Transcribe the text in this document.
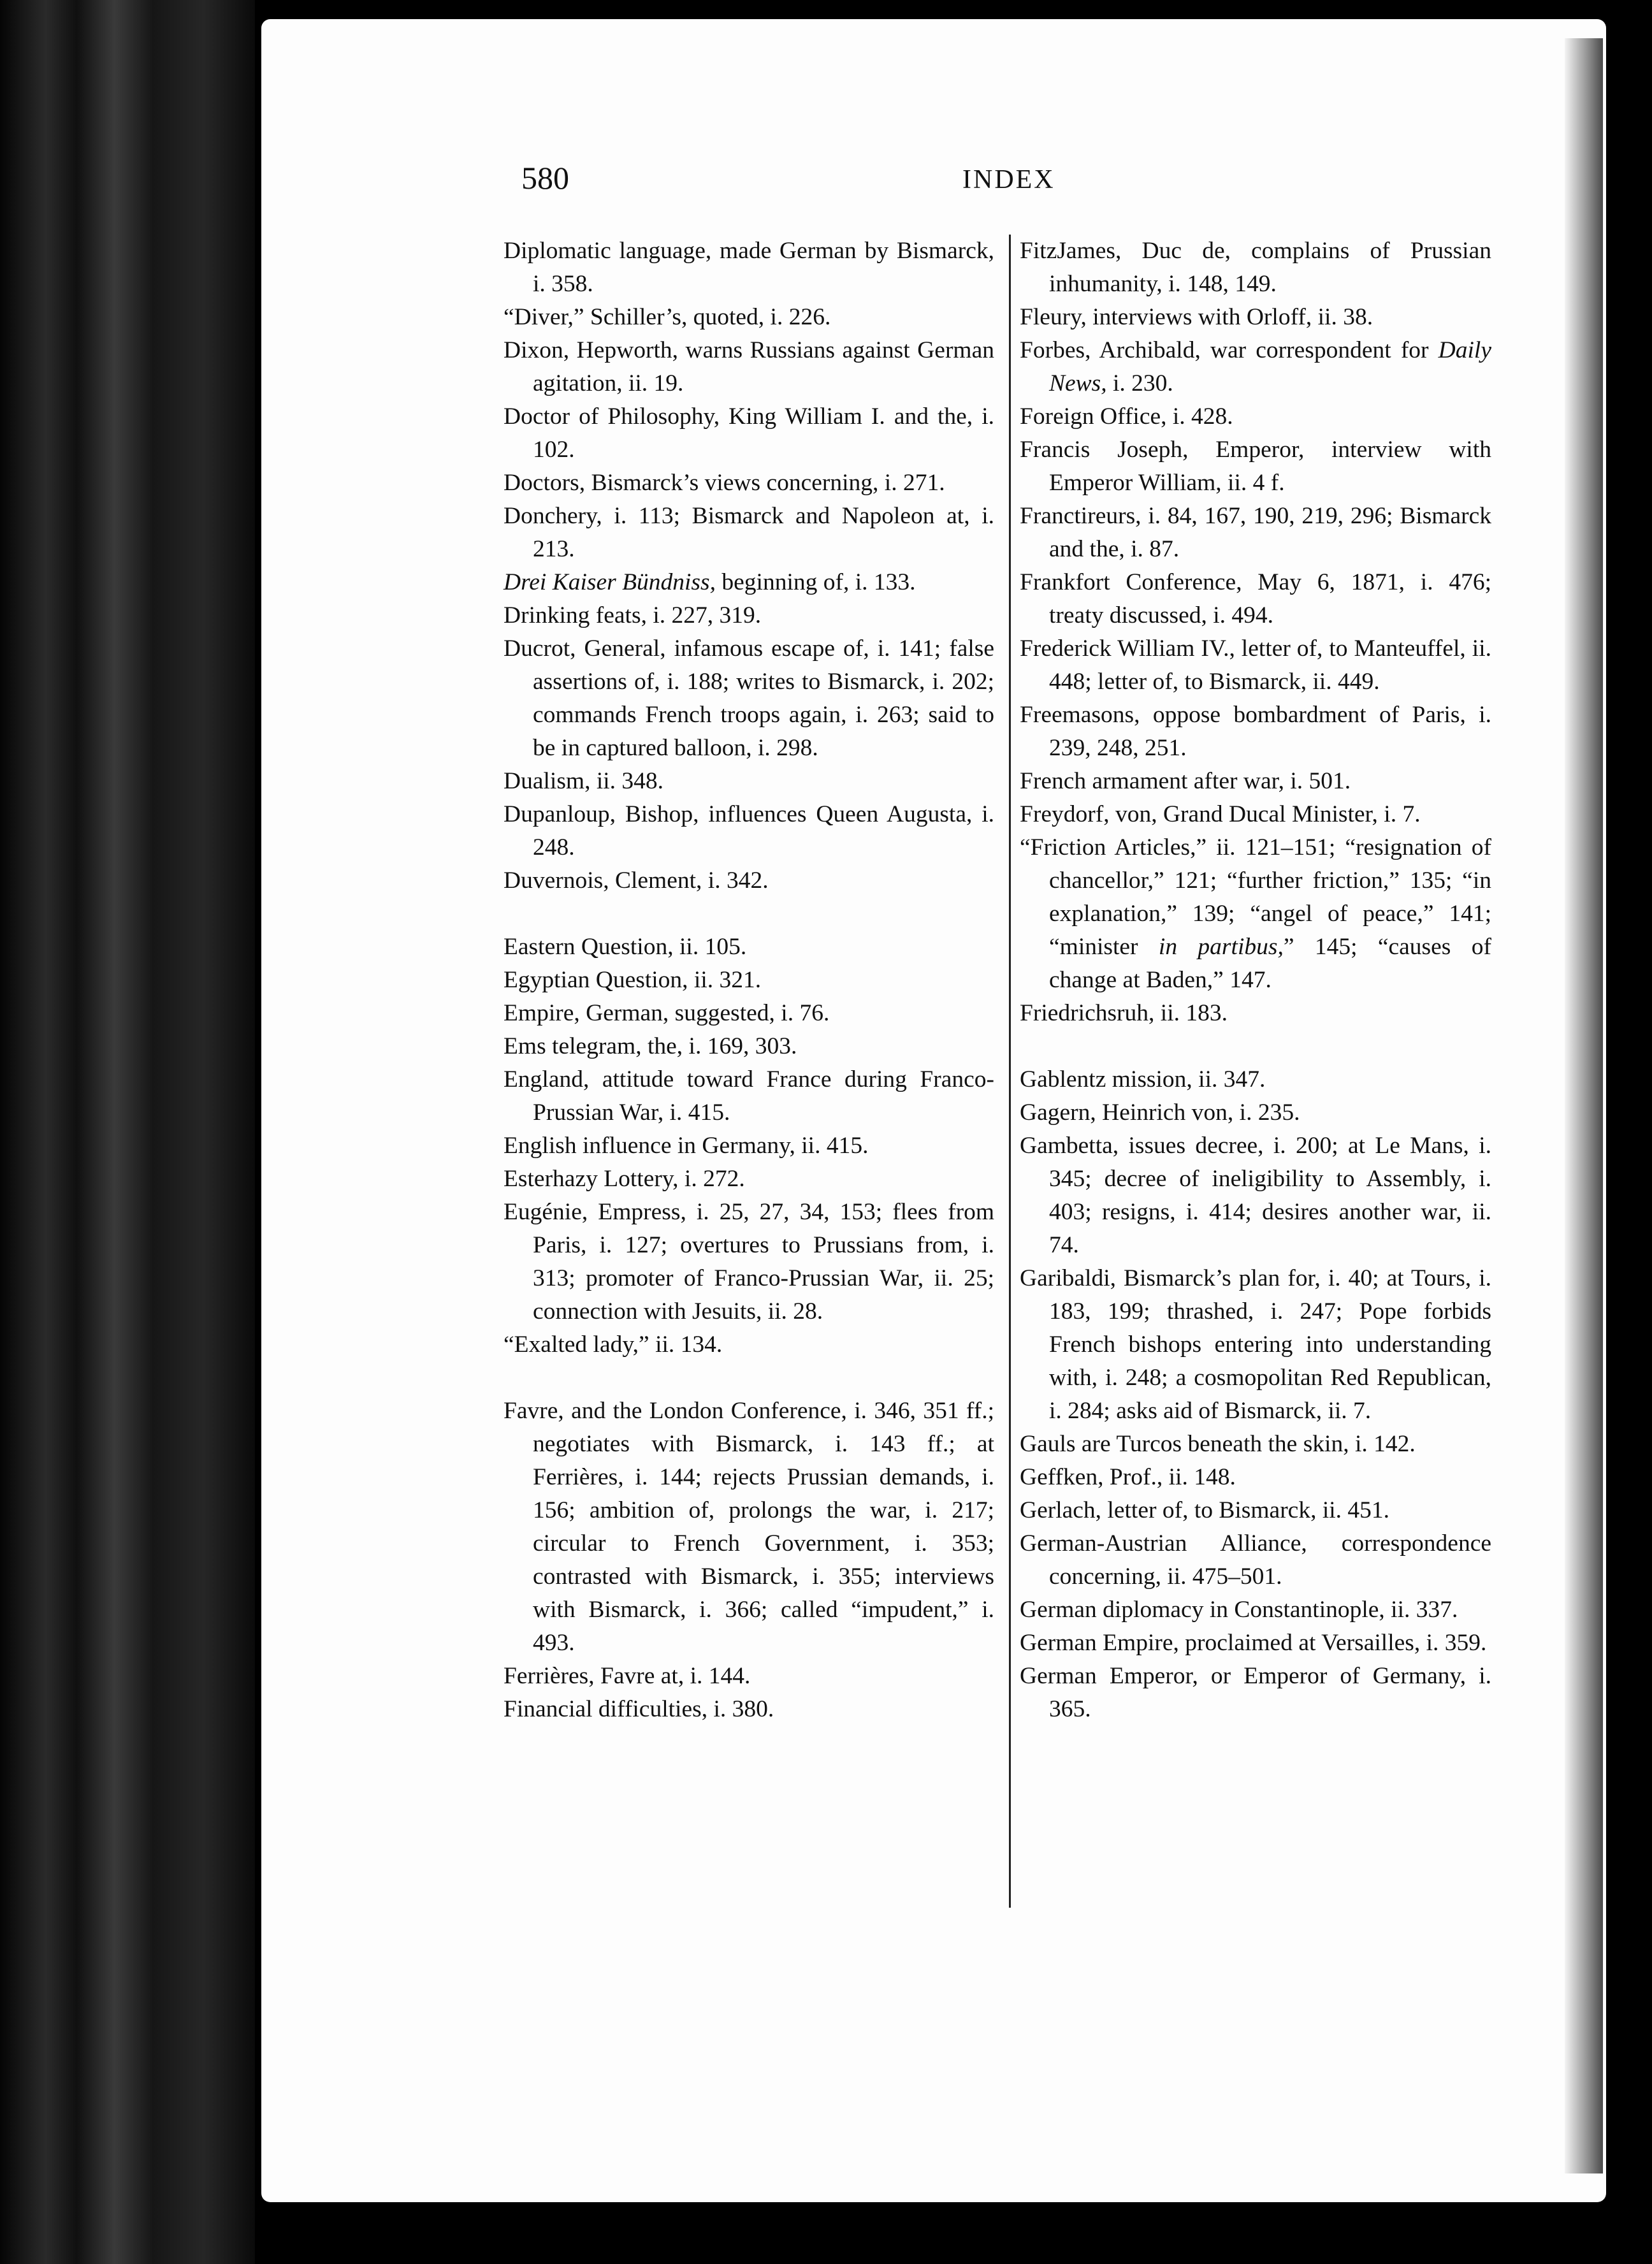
580	INDEX

Diplomatic language, made German by Bismarck, i. 358.

“Diver,” Schiller’s, quoted, i. 226.

Dixon, Hepworth, warns Russians against German agitation, ii. 19.

Doctor of Philosophy, King William I. and the, i. 102.

Doctors, Bismarck’s views concerning, i. 271.

Donchery, i. 113; Bismarck and Napoleon at, i. 213.

Drei Kaiser Bündniss, beginning of, i. 133.

Drinking feats, i. 227, 319.

Ducrot, General, infamous escape of, i. 141; false assertions of, i. 188; writes to Bismarck, i. 202; commands French troops again, i. 263; said to be in captured balloon, i. 298.

Dualism, ii. 348.

Dupanloup, Bishop, influences Queen Augusta, i. 248.

Duvernois, Clement, i. 342.

Eastern Question, ii. 105.

Egyptian Question, ii. 321.

Empire, German, suggested, i. 76.

Ems telegram, the, i. 169, 303.

England, attitude toward France during Franco-Prussian War, i. 415.

English influence in Germany, ii. 415.

Esterhazy Lottery, i. 272.

Eugénie, Empress, i. 25, 27, 34, 153; flees from Paris, i. 127; overtures to Prussians from, i. 313; promoter of Franco-Prussian War, ii. 25; connection with Jesuits, ii. 28.

“Exalted lady,” ii. 134.

Favre, and the London Conference, i. 346, 351 ff.; negotiates with Bismarck, i. 143 ff.; at Ferrières, i. 144; rejects Prussian demands, i. 156; ambition of, prolongs the war, i. 217; circular to French Government, i. 353; contrasted with Bismarck, i. 355; interviews with Bismarck, i. 366; called “impudent,” i. 493.

Ferrières, Favre at, i. 144.

Financial difficulties, i. 380.

FitzJames, Duc de, complains of Prussian inhumanity, i. 148, 149.

Fleury, interviews with Orloff, ii. 38.

Forbes, Archibald, war correspondent for Daily News, i. 230.

Foreign Office, i. 428.

Francis Joseph, Emperor, interview with Emperor William, ii. 4 f.

Franctireurs, i. 84, 167, 190, 219, 296; Bismarck and the, i. 87.

Frankfort Conference, May 6, 1871, i. 476; treaty discussed, i. 494.

Frederick William IV., letter of, to Manteuffel, ii. 448; letter of, to Bismarck, ii. 449.

Freemasons, oppose bombardment of Paris, i. 239, 248, 251.

French armament after war, i. 501.

Freydorf, von, Grand Ducal Minister, i. 7.

“Friction Articles,” ii. 121–151; “resignation of chancellor,” 121; “further friction,” 135; “in explanation,” 139; “angel of peace,” 141; “minister in partibus,” 145; “causes of change at Baden,” 147.

Friedrichsruh, ii. 183.

Gablentz mission, ii. 347.

Gagern, Heinrich von, i. 235.

Gambetta, issues decree, i. 200; at Le Mans, i. 345; decree of ineligibility to Assembly, i. 403; resigns, i. 414; desires another war, ii. 74.

Garibaldi, Bismarck’s plan for, i. 40; at Tours, i. 183, 199; thrashed, i. 247; Pope forbids French bishops entering into understanding with, i. 248; a cosmopolitan Red Republican, i. 284; asks aid of Bismarck, ii. 7.

Gauls are Turcos beneath the skin, i. 142.

Geffken, Prof., ii. 148.

Gerlach, letter of, to Bismarck, ii. 451.

German-Austrian Alliance, correspondence concerning, ii. 475–501.

German diplomacy in Constantinople, ii. 337.

German Empire, proclaimed at Versailles, i. 359.

German Emperor, or Emperor of Germany, i. 365.
